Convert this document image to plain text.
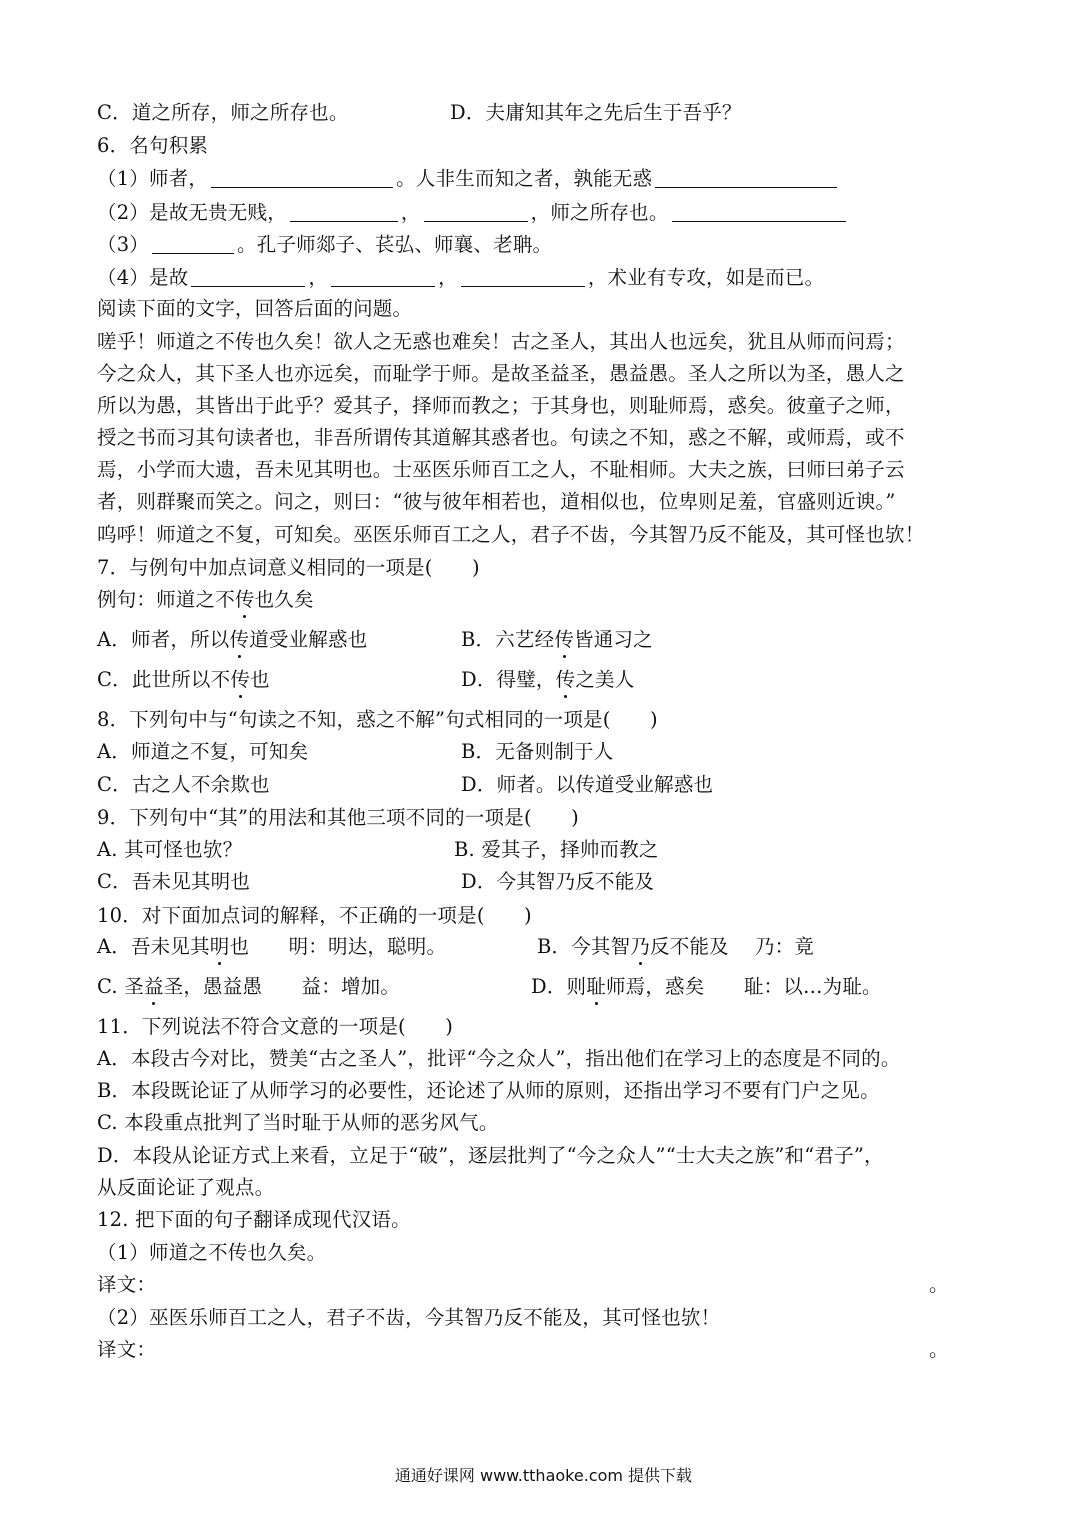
C．道之所存，师之所存也。	D．夫庸知其年之先后生于吾乎？
6．名句积累
（1）师者，	。人非生而知之者，孰能无惑
（2）是故无贵无贱，	，	，师之所存也。
（3）	。孔子师郯子、苌弘、师襄、老聃。
（4）是故	，	，	，术业有专攻，如是而已。
阅读下面的文字，回答后面的问题。
嗟乎！师道之不传也久矣！欲人之无惑也难矣！古之圣人，其出人也远矣，犹且从师而问焉；
今之众人，其下圣人也亦远矣，而耻学于师。是故圣益圣，愚益愚。圣人之所以为圣，愚人之
所以为愚，其皆出于此乎？爱其子，择师而教之；于其身也，则耻师焉，惑矣。彼童子之师，
授之书而习其句读者也，非吾所谓传其道解其惑者也。句读之不知，惑之不解，或师焉，或不
焉，小学而大遗，吾未见其明也。士巫医乐师百工之人，不耻相师。大夫之族，曰师曰弟子云
者，则群聚而笑之。问之，则曰：“彼与彼年相若也，道相似也，位卑则足羞，官盛则近谀。”
呜呼！师道之不复，可知矣。巫医乐师百工之人，君子不齿，今其智乃反不能及，其可怪也欤！
7．与例句中加点词意义相同的一项是(　　)
例句：师道之不传也久矣
A．师者，所以传道受业解惑也	B．六艺经传皆通习之
C．此世所以不传也	D．得璧，传之美人
8．下列句中与“句读之不知，惑之不解”句式相同的一项是(　　)
A．师道之不复，可知矣	B．无备则制于人
C．古之人不余欺也	D．师者。以传道受业解惑也
9．下列句中“其”的用法和其他三项不同的一项是(　　)
A. 其可怪也欤？	B. 爱其子，择帅而教之
C．吾未见其明也	D．今其智乃反不能及
10．对下面加点词的解释，不正确的一项是(　　)
A．吾未见其明也　　明：明达，聪明。	B．今其智乃反不能及　 乃：竟
C. 圣益圣，愚益愚　　益：增加。	D．则耻师焉，惑矣　　耻：以…为耻。
11．下列说法不符合文意的一项是(　　)
A．本段古今对比，赞美“古之圣人”，批评“今之众人”，指出他们在学习上的态度是不同的。
B．本段既论证了从师学习的必要性，还论述了从师的原则，还指出学习不要有门户之见。
C. 本段重点批判了当时耻于从师的恶劣风气。
D．本段从论证方式上来看，立足于“破”，逐层批判了“今之众人”“士大夫之族”和“君子”，
从反面论证了观点。
12. 把下面的句子翻译成现代汉语。
（1）师道之不传也久矣。
译文：	。
（2）巫医乐师百工之人，君子不齿，今其智乃反不能及，其可怪也欤！
译文：	。
通通好课网 www.tthaoke.com 提供下载
